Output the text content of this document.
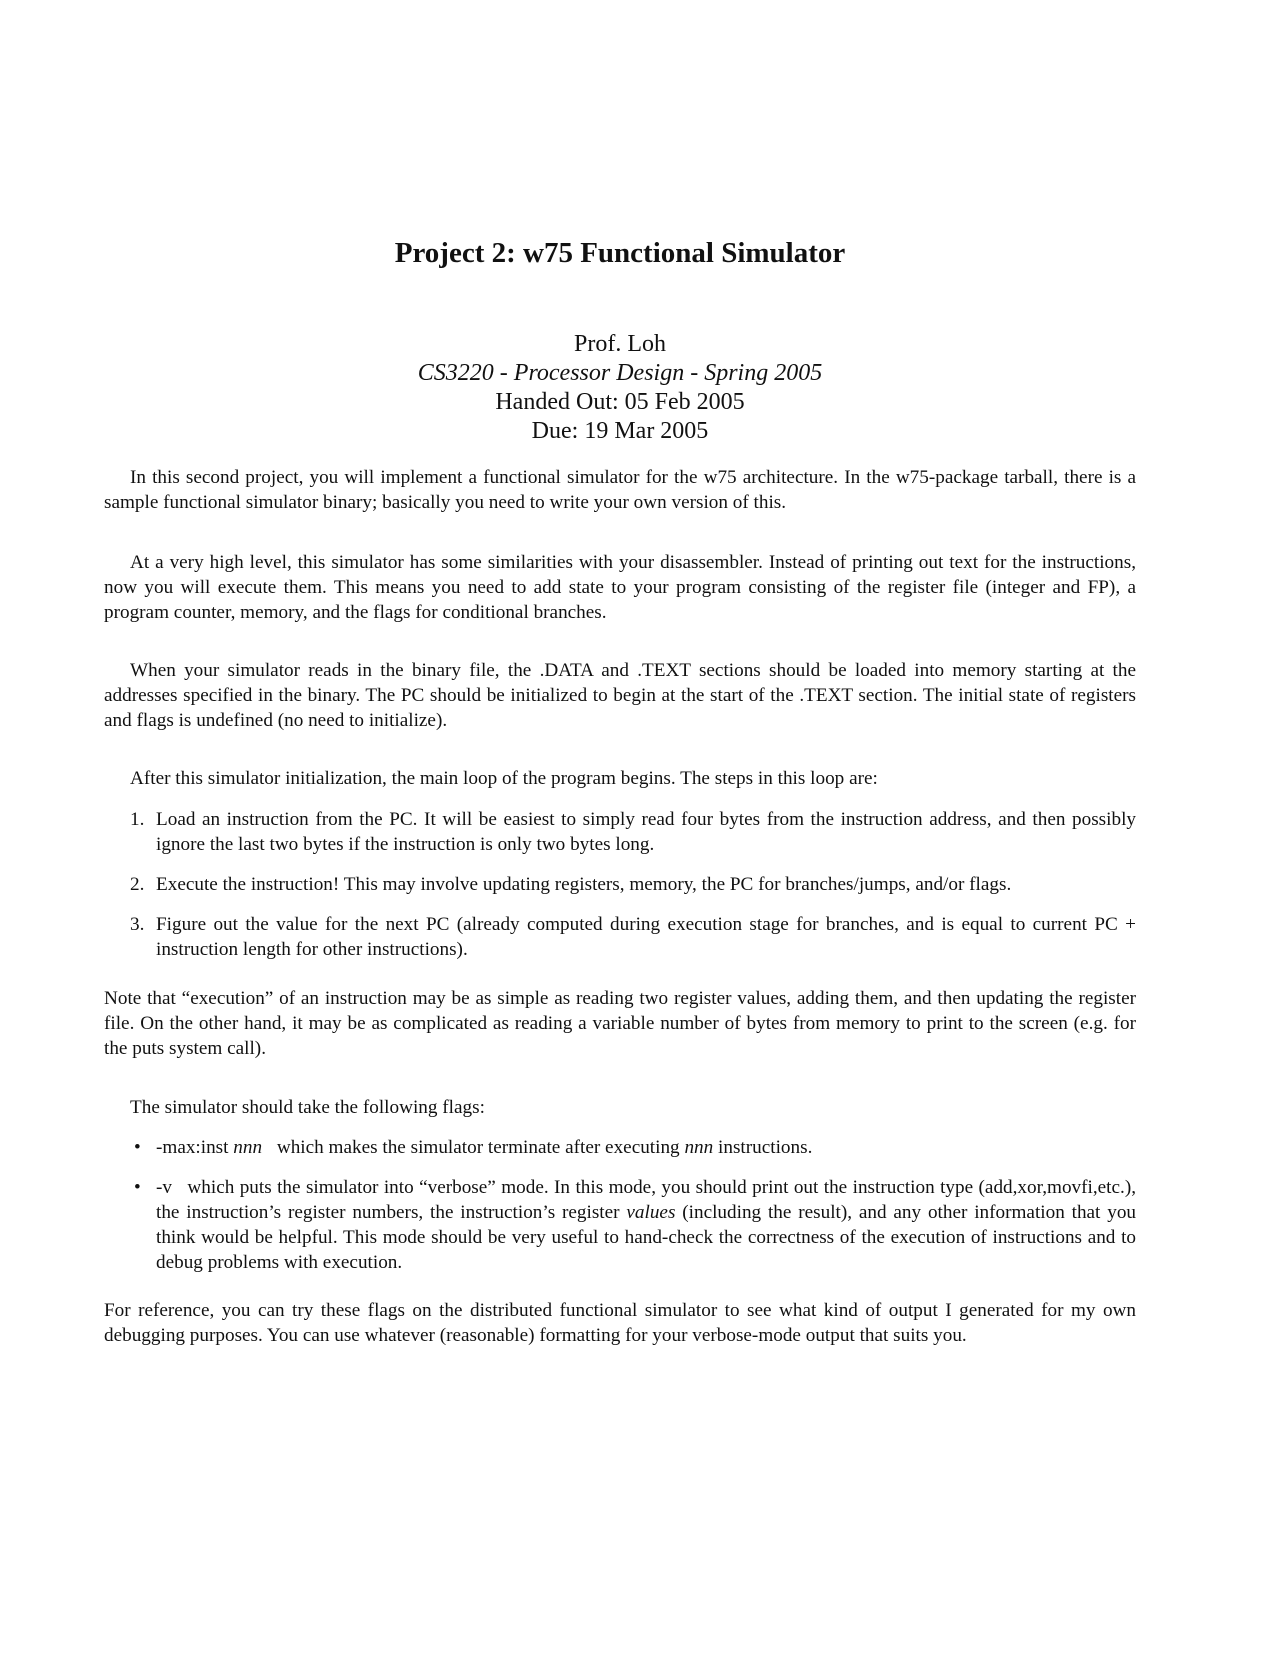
Project 2: w75 Functional Simulator
Prof. Loh
CS3220 - Processor Design - Spring 2005
Handed Out: 05 Feb 2005
Due: 19 Mar 2005

In this second project, you will implement a functional simulator for the w75 architecture. In the w75-package tarball, there is a sample functional simulator binary; basically you need to write your own version of this.

At a very high level, this simulator has some similarities with your disassembler. Instead of printing out text for the instructions, now you will execute them. This means you need to add state to your program consisting of the register file (integer and FP), a program counter, memory, and the flags for conditional branches.

When your simulator reads in the binary file, the .DATA and .TEXT sections should be loaded into memory starting at the addresses specified in the binary. The PC should be initialized to begin at the start of the .TEXT section. The initial state of registers and flags is undefined (no need to initialize).

After this simulator initialization, the main loop of the program begins. The steps in this loop are:

1. Load an instruction from the PC. It will be easiest to simply read four bytes from the instruction address, and then possibly ignore the last two bytes if the instruction is only two bytes long.
2. Execute the instruction! This may involve updating registers, memory, the PC for branches/jumps, and/or flags.
3. Figure out the value for the next PC (already computed during execution stage for branches, and is equal to current PC + instruction length for other instructions).

Note that “execution” of an instruction may be as simple as reading two register values, adding them, and then updating the register file. On the other hand, it may be as complicated as reading a variable number of bytes from memory to print to the screen (e.g. for the puts system call).

The simulator should take the following flags:

• -max:inst nnn which makes the simulator terminate after executing nnn instructions.
• -v which puts the simulator into “verbose” mode. In this mode, you should print out the instruction type (add,xor,movfi,etc.), the instruction’s register numbers, the instruction’s register values (including the result), and any other information that you think would be helpful. This mode should be very useful to hand-check the correctness of the execution of instructions and to debug problems with execution.

For reference, you can try these flags on the distributed functional simulator to see what kind of output I generated for my own debugging purposes. You can use whatever (reasonable) formatting for your verbose-mode output that suits you.
